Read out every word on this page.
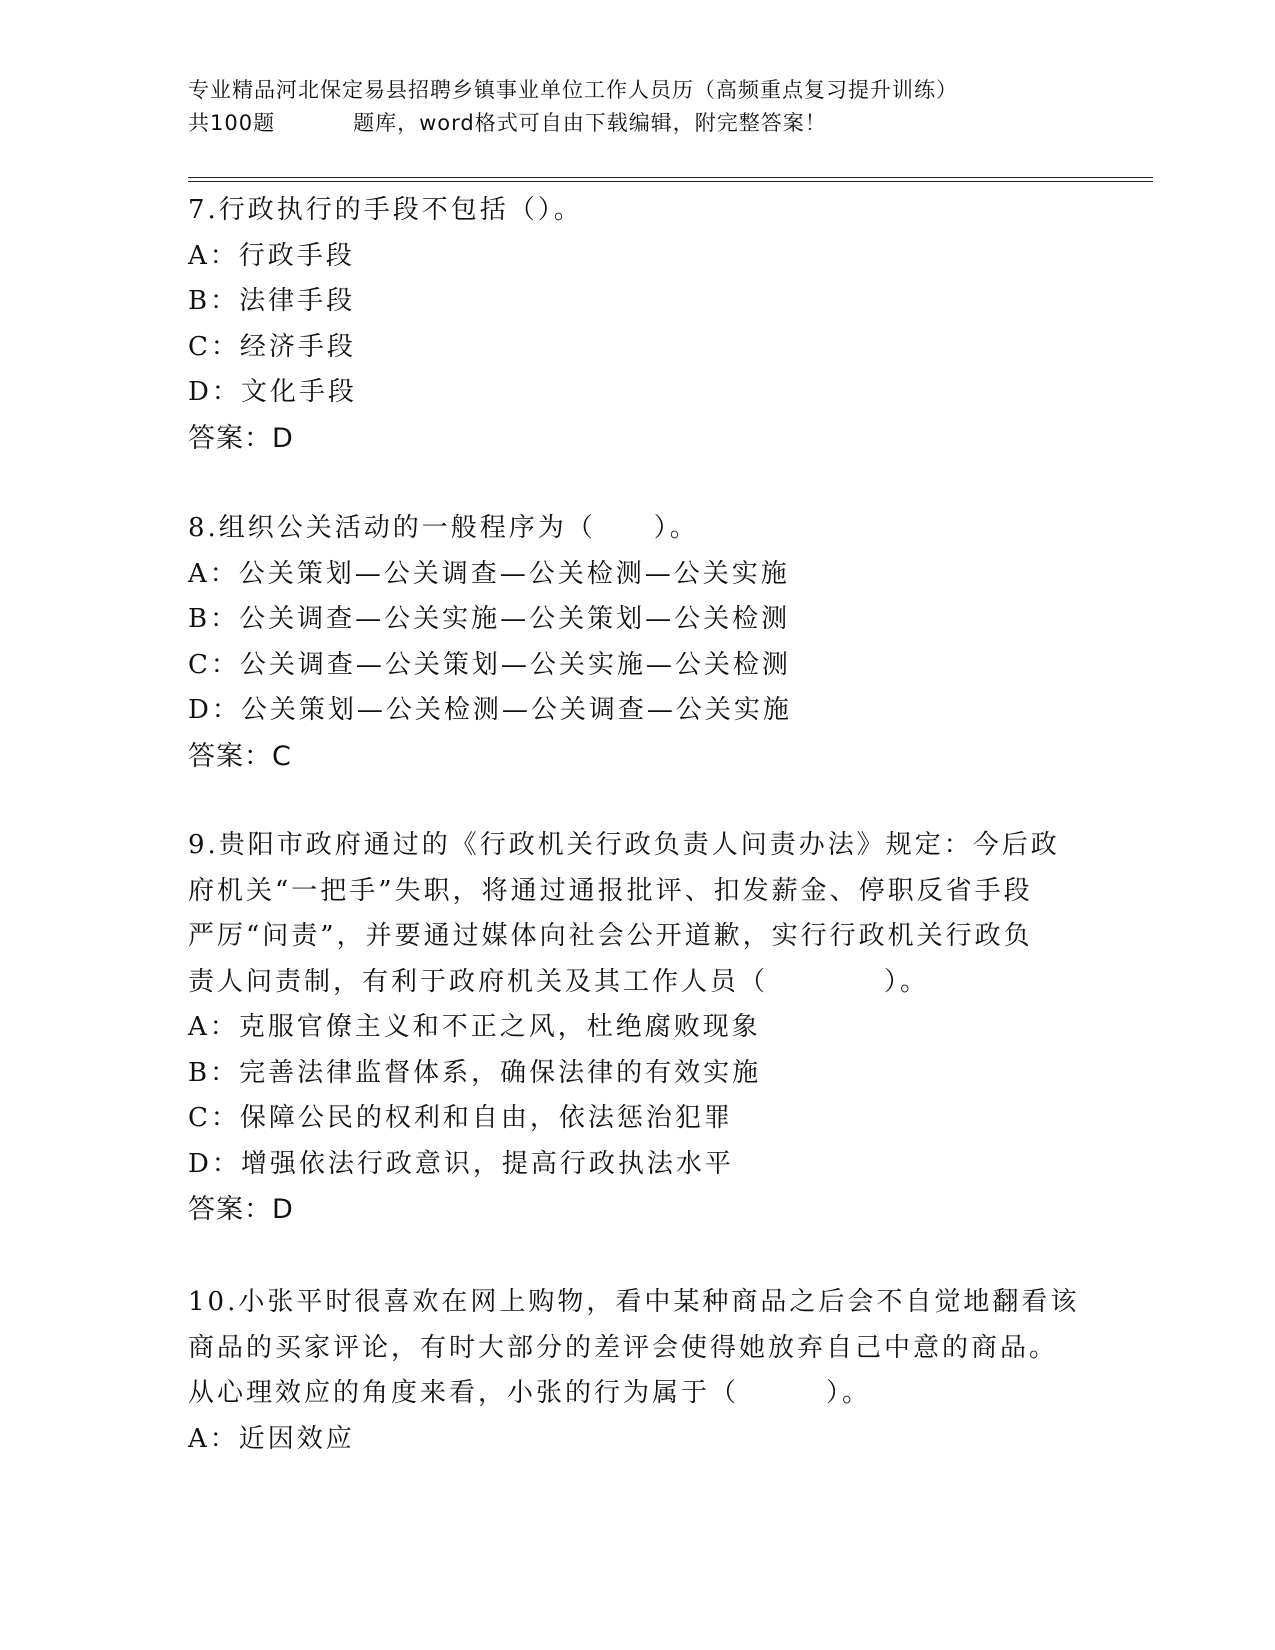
专业精品河北保定易县招聘乡镇事业单位工作人员历（高频重点复习提升训练）
共100题	题库，word格式可自由下载编辑，附完整答案！
7.行政执行的手段不包括（）。
A：行政手段
B：法律手段
C：经济手段
D：文化手段
答案：D
8.组织公关活动的一般程序为（　　）。
A：公关策划—公关调查—公关检测—公关实施
B：公关调查—公关实施—公关策划—公关检测
C：公关调查—公关策划—公关实施—公关检测
D：公关策划—公关检测—公关调查—公关实施
答案：C
9.贵阳市政府通过的《行政机关行政负责人问责办法》规定：今后政
府机关“一把手”失职，将通过通报批评、扣发薪金、停职反省手段
严厉“问责”，并要通过媒体向社会公开道歉，实行行政机关行政负
责人问责制，有利于政府机关及其工作人员（　　　　）。
A：克服官僚主义和不正之风，杜绝腐败现象
B：完善法律监督体系，确保法律的有效实施
C：保障公民的权利和自由，依法惩治犯罪
D：增强依法行政意识，提高行政执法水平
答案：D
10.小张平时很喜欢在网上购物，看中某种商品之后会不自觉地翻看该
商品的买家评论，有时大部分的差评会使得她放弃自己中意的商品。
从心理效应的角度来看，小张的行为属于（　　　）。
A：近因效应
